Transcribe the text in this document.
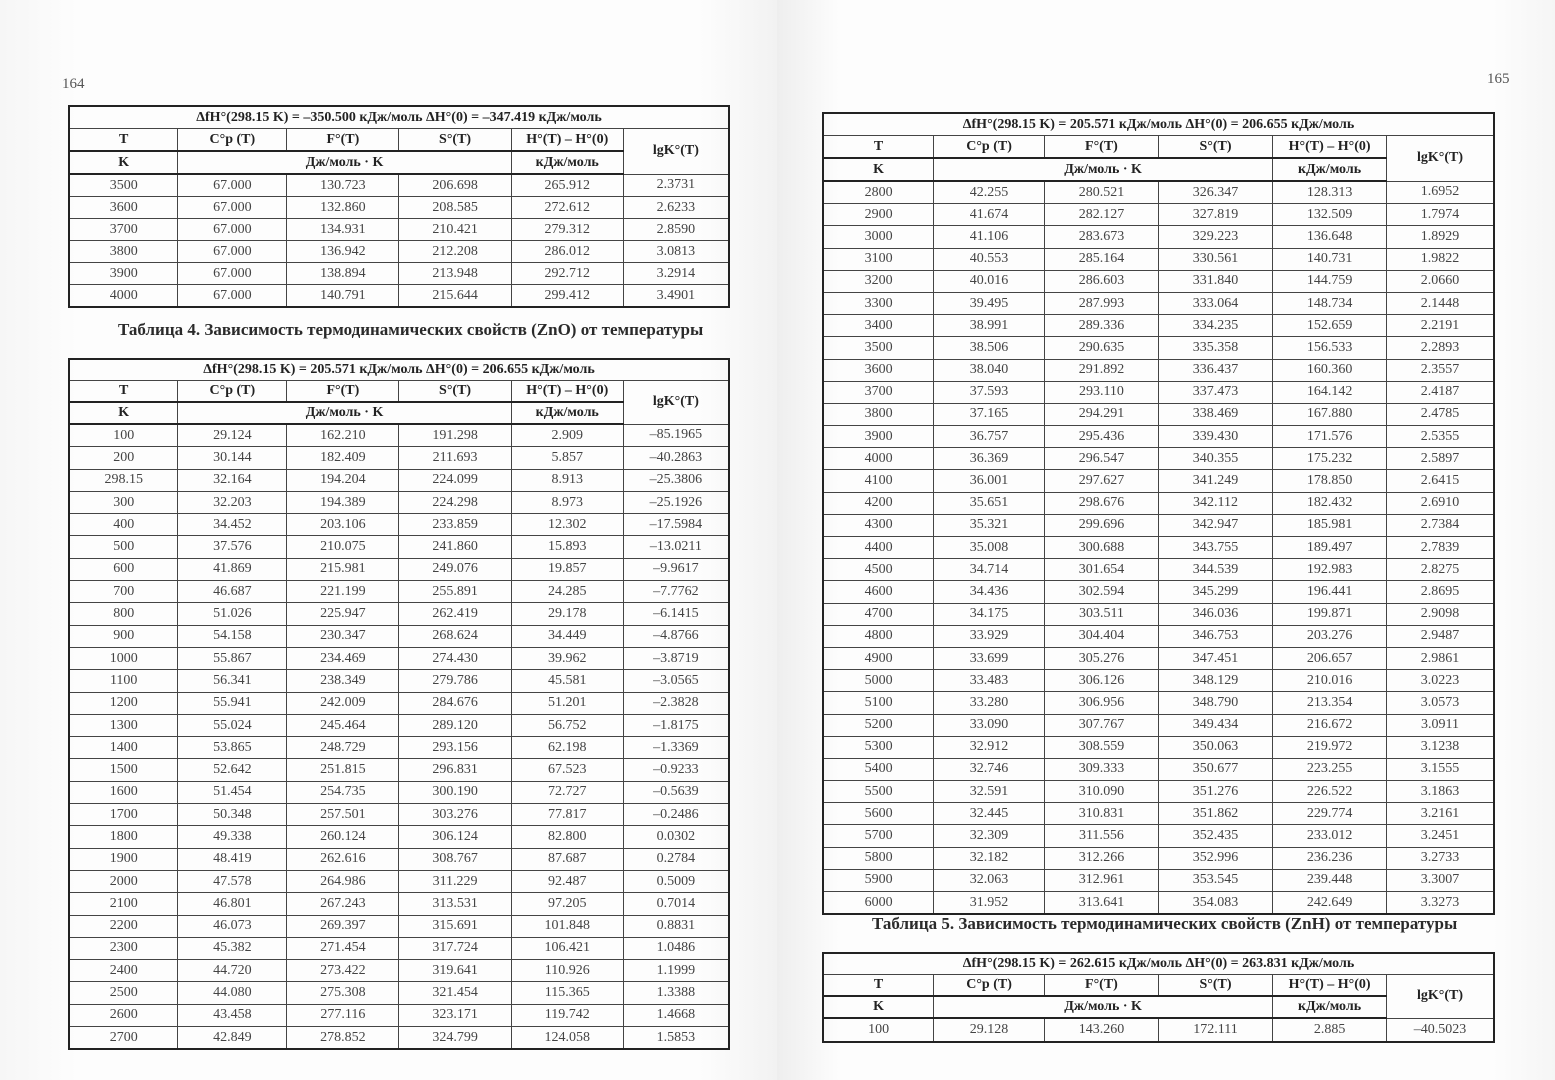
164
ΔfH°(298.15 K) = –350.500 кДж/моль ΔH°(0) = –347.419 кДж/моль					
T	C°p (T)	F°(T)	S°(T)	H°(T) – H°(0)	lgK°(T)
K	Дж/моль · K			кДж/моль	
3500	67.000	130.723	206.698	265.912	2.3731
3600	67.000	132.860	208.585	272.612	2.6233
3700	67.000	134.931	210.421	279.312	2.8590
3800	67.000	136.942	212.208	286.012	3.0813
3900	67.000	138.894	213.948	292.712	3.2914
4000	67.000	140.791	215.644	299.412	3.4901
Таблица 4. Зависимость термодинамических свойств (ZnO) от температуры
ΔfH°(298.15 K) = 205.571 кДж/моль ΔH°(0) = 206.655 кДж/моль					
T	C°p (T)	F°(T)	S°(T)	H°(T) – H°(0)	lgK°(T)
K	Дж/моль · K			кДж/моль	
100	29.124	162.210	191.298	2.909	–85.1965
200	30.144	182.409	211.693	5.857	–40.2863
298.15	32.164	194.204	224.099	8.913	–25.3806
300	32.203	194.389	224.298	8.973	–25.1926
400	34.452	203.106	233.859	12.302	–17.5984
500	37.576	210.075	241.860	15.893	–13.0211
600	41.869	215.981	249.076	19.857	–9.9617
700	46.687	221.199	255.891	24.285	–7.7762
800	51.026	225.947	262.419	29.178	–6.1415
900	54.158	230.347	268.624	34.449	–4.8766
1000	55.867	234.469	274.430	39.962	–3.8719
1100	56.341	238.349	279.786	45.581	–3.0565
1200	55.941	242.009	284.676	51.201	–2.3828
1300	55.024	245.464	289.120	56.752	–1.8175
1400	53.865	248.729	293.156	62.198	–1.3369
1500	52.642	251.815	296.831	67.523	–0.9233
1600	51.454	254.735	300.190	72.727	–0.5639
1700	50.348	257.501	303.276	77.817	–0.2486
1800	49.338	260.124	306.124	82.800	0.0302
1900	48.419	262.616	308.767	87.687	0.2784
2000	47.578	264.986	311.229	92.487	0.5009
2100	46.801	267.243	313.531	97.205	0.7014
2200	46.073	269.397	315.691	101.848	0.8831
2300	45.382	271.454	317.724	106.421	1.0486
2400	44.720	273.422	319.641	110.926	1.1999
2500	44.080	275.308	321.454	115.365	1.3388
2600	43.458	277.116	323.171	119.742	1.4668
2700	42.849	278.852	324.799	124.058	1.5853
165
ΔfH°(298.15 K) = 205.571 кДж/моль ΔH°(0) = 206.655 кДж/моль					
T	C°p (T)	F°(T)	S°(T)	H°(T) – H°(0)	lgK°(T)
K	Дж/моль · K			кДж/моль	
2800	42.255	280.521	326.347	128.313	1.6952
2900	41.674	282.127	327.819	132.509	1.7974
3000	41.106	283.673	329.223	136.648	1.8929
3100	40.553	285.164	330.561	140.731	1.9822
3200	40.016	286.603	331.840	144.759	2.0660
3300	39.495	287.993	333.064	148.734	2.1448
3400	38.991	289.336	334.235	152.659	2.2191
3500	38.506	290.635	335.358	156.533	2.2893
3600	38.040	291.892	336.437	160.360	2.3557
3700	37.593	293.110	337.473	164.142	2.4187
3800	37.165	294.291	338.469	167.880	2.4785
3900	36.757	295.436	339.430	171.576	2.5355
4000	36.369	296.547	340.355	175.232	2.5897
4100	36.001	297.627	341.249	178.850	2.6415
4200	35.651	298.676	342.112	182.432	2.6910
4300	35.321	299.696	342.947	185.981	2.7384
4400	35.008	300.688	343.755	189.497	2.7839
4500	34.714	301.654	344.539	192.983	2.8275
4600	34.436	302.594	345.299	196.441	2.8695
4700	34.175	303.511	346.036	199.871	2.9098
4800	33.929	304.404	346.753	203.276	2.9487
4900	33.699	305.276	347.451	206.657	2.9861
5000	33.483	306.126	348.129	210.016	3.0223
5100	33.280	306.956	348.790	213.354	3.0573
5200	33.090	307.767	349.434	216.672	3.0911
5300	32.912	308.559	350.063	219.972	3.1238
5400	32.746	309.333	350.677	223.255	3.1555
5500	32.591	310.090	351.276	226.522	3.1863
5600	32.445	310.831	351.862	229.774	3.2161
5700	32.309	311.556	352.435	233.012	3.2451
5800	32.182	312.266	352.996	236.236	3.2733
5900	32.063	312.961	353.545	239.448	3.3007
6000	31.952	313.641	354.083	242.649	3.3273
Таблица 5. Зависимость термодинамических свойств (ZnH) от температуры
ΔfH°(298.15 K) = 262.615 кДж/моль ΔH°(0) = 263.831 кДж/моль					
T	C°p (T)	F°(T)	S°(T)	H°(T) – H°(0)	lgK°(T)
K	Дж/моль · K			кДж/моль	
100	29.128	143.260	172.111	2.885	–40.5023
